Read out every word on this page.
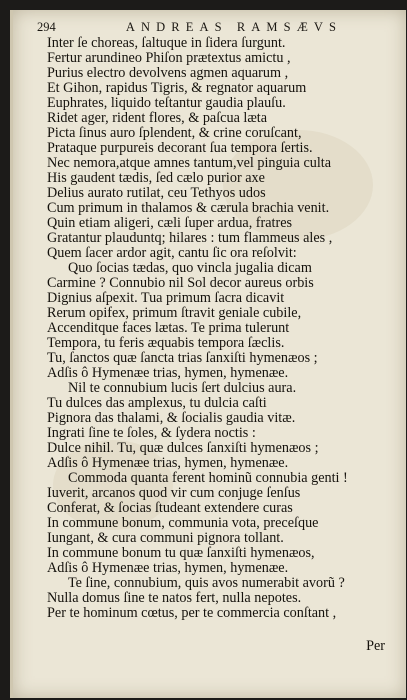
294	ANDREAS RAMSÆVS
Inter ſe choreas, ſaltuque in ſidera ſurgunt.
Fertur arundineo Phiſon prætextus amictu ,
Purius electro devolvens agmen aquarum ,
Et Gihon, rapidus Tigris, & regnator aquarum
Euphrates, liquido teſtantur gaudia plauſu.
Ridet ager, rident flores, & paſcua læta
Picta ſinus auro ſplendent, & crine coruſcant,
Prataque purpureis decorant ſua tempora ſertis.
Nec nemora,atque amnes tantum,vel pinguia culta
His gaudent tædis, ſed cælo purior axe
Delius aurato rutilat, ceu Tethyos udos
Cum primum in thalamos & cærula brachia venit.
Quin etiam aligeri, cæli ſuper ardua, fratres
Gratantur plauduntq; hilares : tum flammeus ales ,
Quem ſacer ardor agit, cantu ſic ora reſolvit:
Quo ſocias tædas, quo vincla jugalia dicam
Carmine ? Connubio nil Sol decor aureus orbis
Dignius aſpexit. Tua primum ſacra dicavit
Rerum opifex, primum ſtravit geniale cubile,
Accenditque faces lætas. Te prima tulerunt
Tempora, tu feris æquabis tempora ſæclis.
Tu, ſanctos quæ ſancta trias ſanxiſti hymenæos ;
Adſis ô Hymenæe trias, hymen, hymenæe.
Nil te connubium lucis ſert dulcius aura.
Tu dulces das amplexus, tu dulcia caſti
Pignora das thalami, & ſocialis gaudia vitæ.
Ingrati ſine te ſoles, & ſydera noctis :
Dulce nihil. Tu, quæ dulces ſanxiſti hymenæos ;
Adſis ô Hymenæe trias, hymen, hymenæe.
Commoda quanta ferent hominũ connubia genti !
Iuverit, arcanos quod vir cum conjuge ſenſus
Conferat, & ſocias ſtudeant extendere curas
In commune bonum, communia vota, preceſque
Iungant, & cura communi pignora tollant.
In commune bonum tu quæ ſanxiſti hymenæos,
Adſis ô Hymenæe trias, hymen, hymenæe.
Te ſine, connubium, quis avos numerabit avorũ ?
Nulla domus ſine te natos fert, nulla nepotes.
Per te hominum cœtus, per te commercia conſtant ,
Per
